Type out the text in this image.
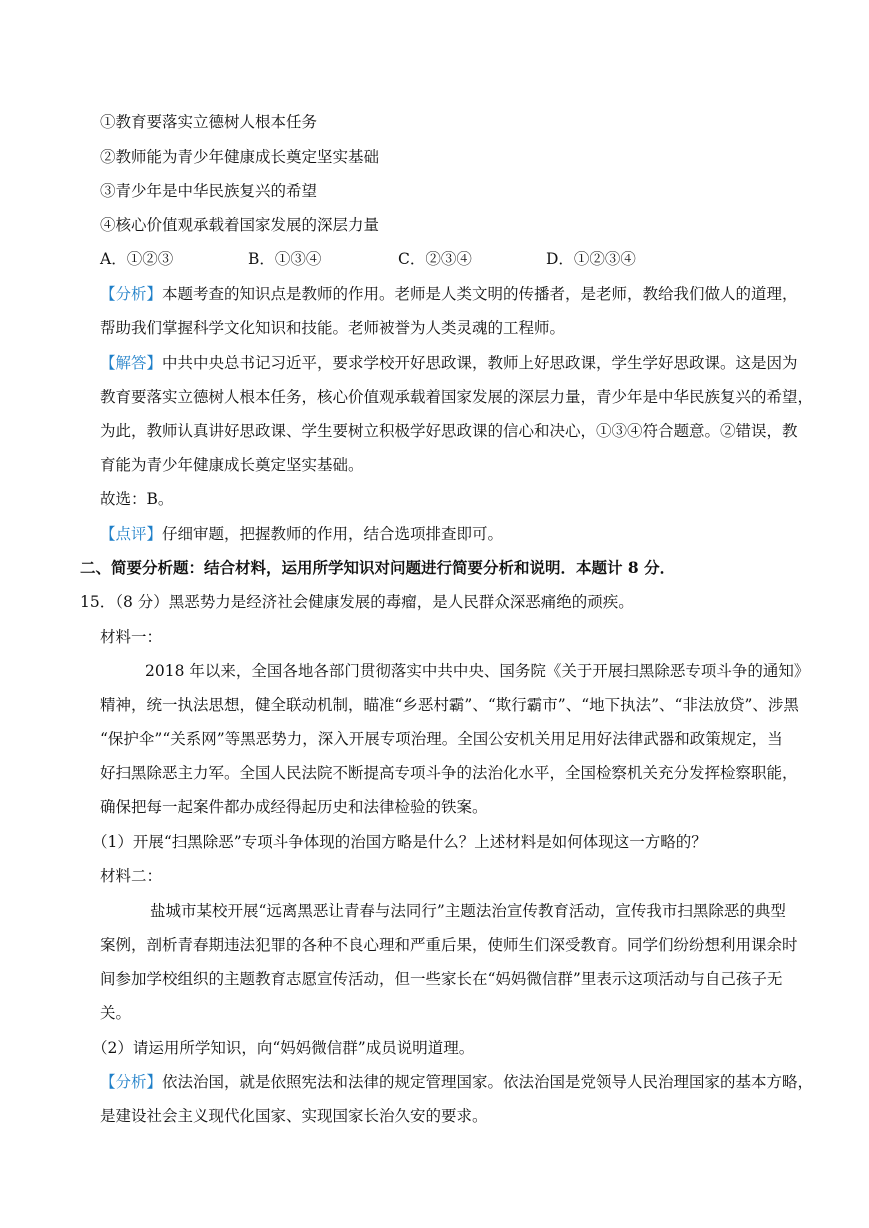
①教育要落实立德树人根本任务
②教师能为青少年健康成长奠定坚实基础
③青少年是中华民族复兴的希望
④核心价值观承载着国家发展的深层力量
A．①②③	B．①③④	C．②③④	D．①②③④
【分析】本题考查的知识点是教师的作用。老师是人类文明的传播者，是老师，教给我们做人的道理，
帮助我们掌握科学文化知识和技能。老师被誉为人类灵魂的工程师。
【解答】中共中央总书记习近平，要求学校开好思政课，教师上好思政课，学生学好思政课。这是因为
教育要落实立德树人根本任务，核心价值观承载着国家发展的深层力量，青少年是中华民族复兴的希望，
为此，教师认真讲好思政课、学生要树立积极学好思政课的信心和决心，①③④符合题意。②错误，教
育能为青少年健康成长奠定坚实基础。
故选：B。
【点评】仔细审题，把握教师的作用，结合选项排查即可。
二、简要分析题：结合材料，运用所学知识对问题进行简要分析和说明．本题计 8 分．
15．（8 分）黑恶势力是经济社会健康发展的毒瘤，是人民群众深恶痛绝的顽疾。
材料一：
2018 年以来，全国各地各部门贯彻落实中共中央、国务院《关于开展扫黑除恶专项斗争的通知》
精神，统一执法思想，健全联动机制，瞄准“乡恶村霸”、“欺行霸市”、“地下执法”、“非法放贷”、涉黑
“保护伞”“关系网”等黑恶势力，深入开展专项治理。全国公安机关用足用好法律武器和政策规定，当
好扫黑除恶主力军。全国人民法院不断提高专项斗争的法治化水平，全国检察机关充分发挥检察职能，
确保把每一起案件都办成经得起历史和法律检验的铁案。
（1）开展“扫黑除恶”专项斗争体现的治国方略是什么？上述材料是如何体现这一方略的？
材料二：
盐城市某校开展“远离黑恶让青春与法同行”主题法治宣传教育活动，宣传我市扫黑除恶的典型
案例，剖析青春期违法犯罪的各种不良心理和严重后果，使师生们深受教育。同学们纷纷想利用课余时
间参加学校组织的主题教育志愿宣传活动，但一些家长在“妈妈微信群”里表示这项活动与自己孩子无
关。
（2）请运用所学知识，向“妈妈微信群”成员说明道理。
【分析】依法治国，就是依照宪法和法律的规定管理国家。依法治国是党领导人民治理国家的基本方略，
是建设社会主义现代化国家、实现国家长治久安的要求。
